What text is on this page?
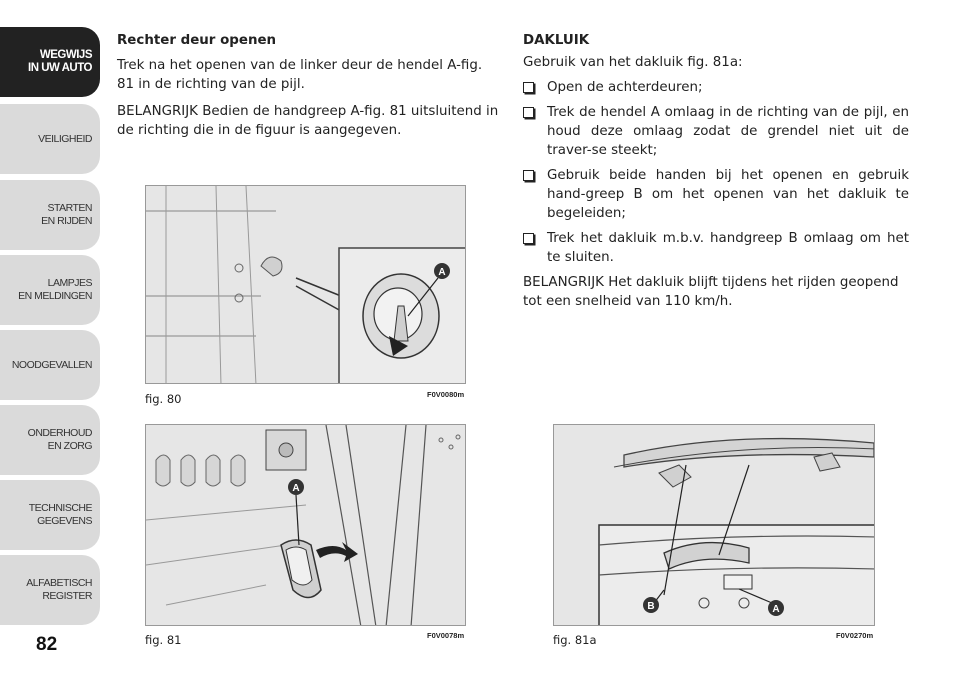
WEGWIJS
IN UW AUTO
VEILIGHEID
STARTEN
EN RIJDEN
LAMPJES
EN MELDINGEN
NOODGEVALLEN
ONDERHOUD
EN ZORG
TECHNISCHE
GEGEVENS
ALFABETISCH
REGISTER
82

Rechter deur openen

Trek na het openen van de linker deur de hendel A-fig. 81 in de richting van de pijl.

BELANGRIJK Bedien de handgreep A-fig. 81 uitsluitend in de richting die in de figuur is aangegeven.

DAKLUIK

Gebruik van het dakluik fig. 81a:

Open de achterdeuren;
Trek de hendel A omlaag in de richting van de pijl, en houd deze omlaag zodat de grendel niet uit de traver-se steekt;
Gebruik beide handen bij het openen en gebruik hand-greep B om het openen van het dakluik te begeleiden;
Trek het dakluik m.b.v. handgreep B omlaag om het te sluiten.

BELANGRIJK Het dakluik blijft tijdens het rijden geopend tot een snelheid van 110 km/h.

A
fig. 80	F0V0080m
A
fig. 81	F0V0078m
B	A
fig. 81a	F0V0270m
